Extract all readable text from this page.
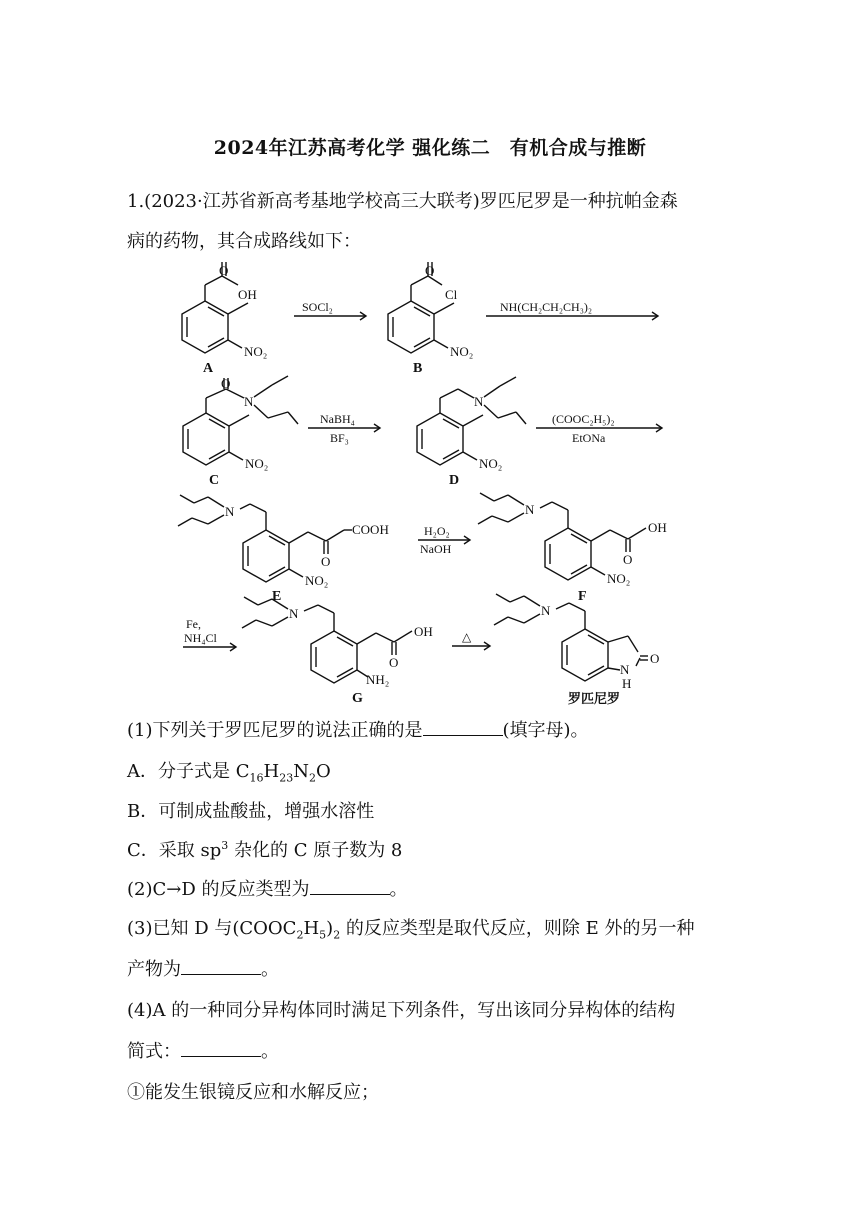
2024年江苏高考化学 强化练二　有机合成与推断
1.(2023·江苏省新高考基地学校高三大联考)罗匹尼罗是一种抗帕金森
病的药物，其合成路线如下：
OH
O
NO₂
Cl
O
NO₂
O
N
NO₂
N
NO₂
N
COOH
O
NO₂
N
OH
O
NO₂
N
OH
O
NH₂
N
N
H
O
SOCl₂	NH(CH₂CH₂CH₃)₂
NaBH₄
BF₃
(COOC₂H₅)₂
EtONa
H₂O₂
NaOH
Fe,
NH₄Cl	△
A	B
C	D
E	F
G	罗匹尼罗
(1)下列关于罗匹尼罗的说法正确的是	(填字母)。
A．分子式是 $C_{16}H_{23}N_2O$
B．可制成盐酸盐，增强水溶性
C．采取 $sp^3$ 杂化的 C 原子数为 8
(2)C→D 的反应类型为	。
(3)已知 D 与$(COOC_2H_5)_2$ 的反应类型是取代反应，则除 E 外的另一种
产物为	。
(4)A 的一种同分异构体同时满足下列条件，写出该同分异构体的结构
简式：	。
①能发生银镜反应和水解反应；
